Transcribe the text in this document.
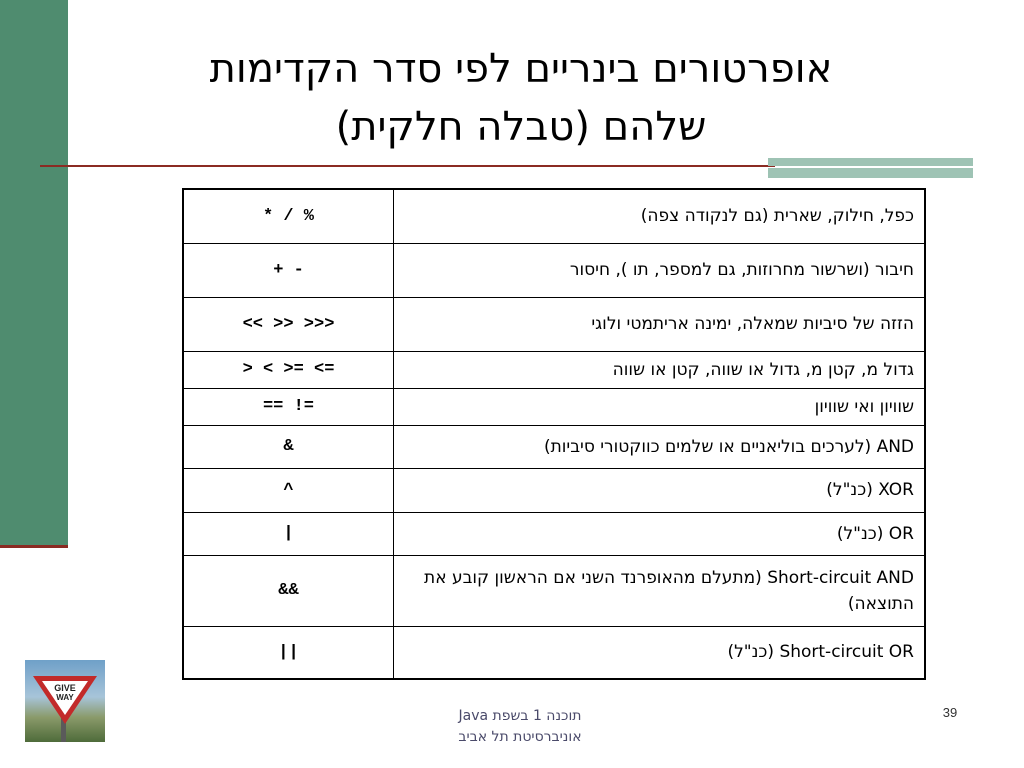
אופרטורים בינריים לפי סדר הקדימות
שלהם (טבלה חלקית)
* / %	כפל, חילוק, שארית (גם לנקודה צפה)
+ -	חיבור (ושרשור מחרוזות, גם למספר, תו ), חיסור
<< >> >>>	הזזה של סיביות שמאלה, ימינה אריתמטי ולוגי
> < >= <=	גדול מ, קטן מ, גדול או שווה, קטן או שווה
== !=	שוויון ואי שוויון
&	AND (לערכים בוליאניים או שלמים כווקטורי סיביות)
^	XOR (כנ"ל)
|	OR (כנ"ל)
&&	Short-circuit AND (מתעלם מהאופרנד השני אם הראשון קובע את התוצאה)
||	Short-circuit OR (כנ"ל)
GIVE
WAY
תוכנה 1 בשפת Java
אוניברסיטת תל אביב
39
